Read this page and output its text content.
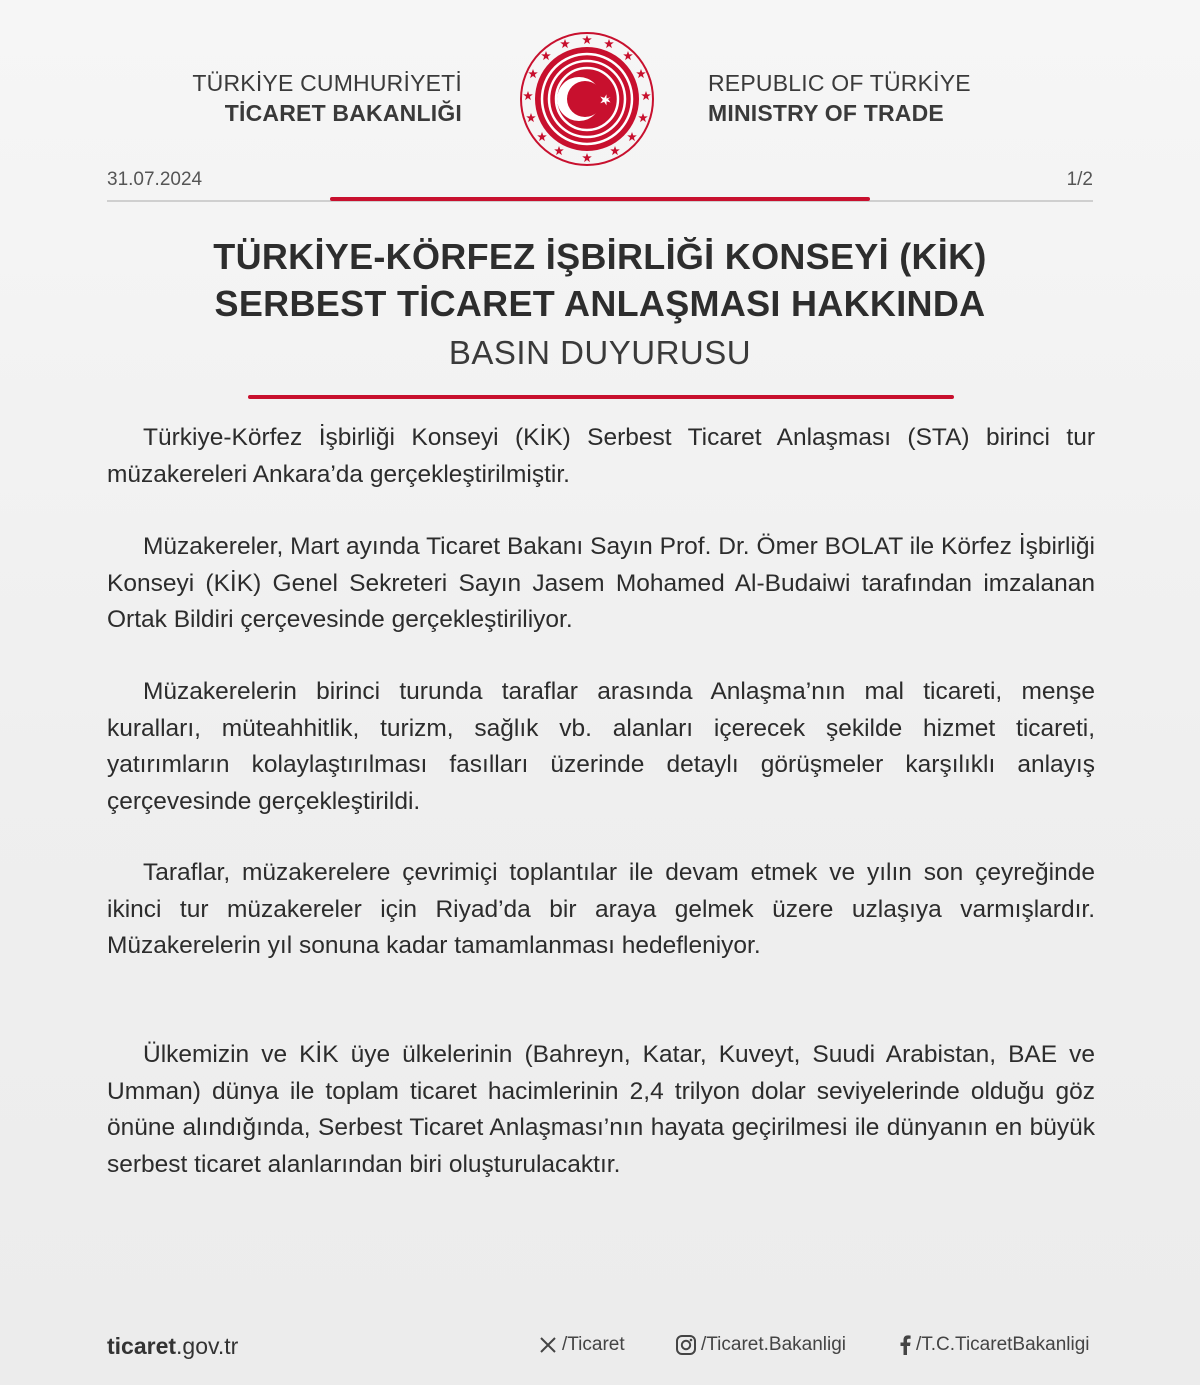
TÜRKİYE CUMHURİYETİ
TİCARET BAKANLIĞI
REPUBLIC OF TÜRKİYE
MINISTRY OF TRADE
31.07.2024	1/2
TÜRKİYE-KÖRFEZ İŞBİRLİĞİ KONSEYİ (KİK)
SERBEST TİCARET ANLAŞMASI HAKKINDA
BASIN DUYURUSU

Türkiye-Körfez İşbirliği Konseyi (KİK) Serbest Ticaret Anlaşması (STA) birinci tur müzakereleri Ankara’da gerçekleştirilmiştir.

Müzakereler, Mart ayında Ticaret Bakanı Sayın Prof. Dr. Ömer BOLAT ile Körfez İşbirliği Konseyi (KİK) Genel Sekreteri Sayın Jasem Mohamed Al-Budaiwi tarafından imzalanan Ortak Bildiri çerçevesinde gerçekleştiriliyor.

Müzakerelerin birinci turunda taraflar arasında Anlaşma’nın mal ticareti, menşe kuralları, müteahhitlik, turizm, sağlık vb. alanları içerecek şekilde hizmet ticareti, yatırımların kolaylaştırılması fasılları üzerinde detaylı görüşmeler karşılıklı anlayış çerçevesinde gerçekleştirildi.

Taraflar, müzakerelere çevrimiçi toplantılar ile devam etmek ve yılın son çeyreğinde ikinci tur müzakereler için Riyad’da bir araya gelmek üzere uzlaşıya varmışlardır. Müzakerelerin yıl sonuna kadar tamamlanması hedefleniyor.

Ülkemizin ve KİK üye ülkelerinin (Bahreyn, Katar, Kuveyt, Suudi Arabistan, BAE ve Umman) dünya ile toplam ticaret hacimlerinin 2,4 trilyon dolar seviyelerinde olduğu göz önüne alındığında, Serbest Ticaret Anlaşması’nın hayata geçirilmesi ile dünyanın en büyük serbest ticaret alanlarından biri oluşturulacaktır.

ticaret.gov.tr	/Ticaret	/Ticaret.Bakanligi	/T.C.TicaretBakanligi
